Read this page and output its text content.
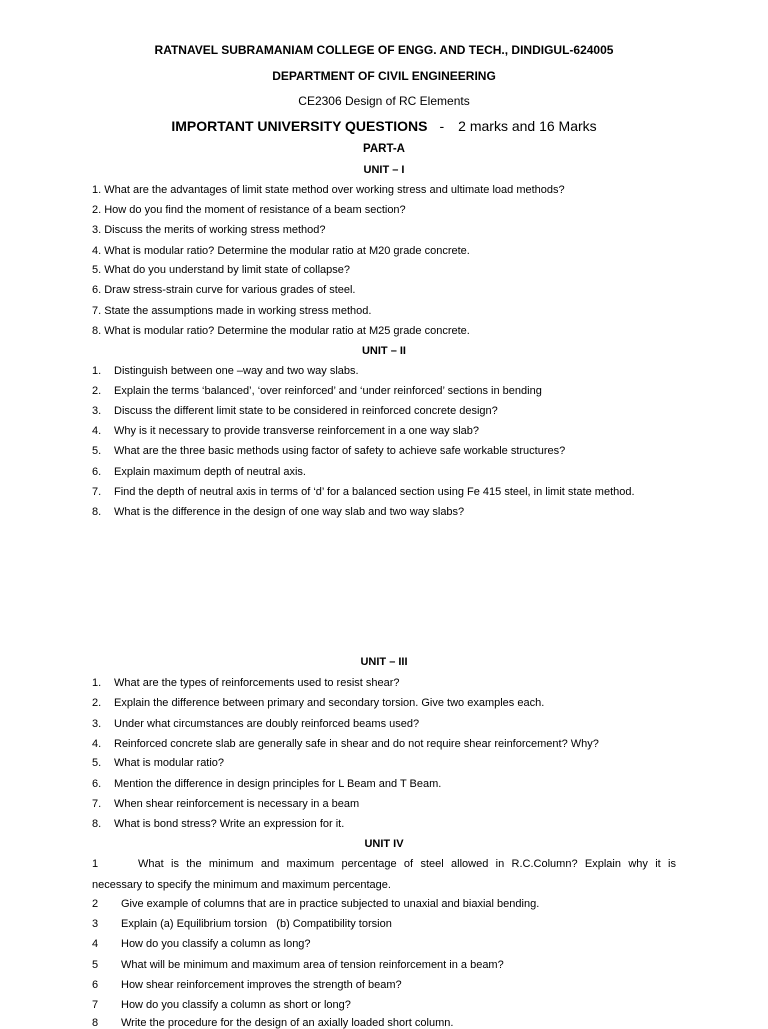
RATNAVEL SUBRAMANIAM COLLEGE OF ENGG. AND TECH., DINDIGUL-624005
DEPARTMENT OF CIVIL ENGINEERING
CE2306 Design of RC Elements
IMPORTANT UNIVERSITY QUESTIONS - 2 marks and 16 Marks
PART-A
UNIT – I
1. What are the advantages of limit state method over working stress and ultimate load methods?
2. How do you find the moment of resistance of a beam section?
3. Discuss the merits of working stress method?
4. What is modular ratio? Determine the modular ratio at M20 grade concrete.
5. What do you understand by limit state of collapse?
6. Draw stress-strain curve for various grades of steel.
7. State the assumptions made in working stress method.
8. What is modular ratio? Determine the modular ratio at M25 grade concrete.
UNIT – II
1. Distinguish between one –way and two way slabs.
2. Explain the terms ‘balanced’, ‘over reinforced’ and ‘under reinforced’ sections in bending
3. Discuss the different limit state to be considered in reinforced concrete design?
4. Why is it necessary to provide transverse reinforcement in a one way slab?
5. What are the three basic methods using factor of safety to achieve safe workable structures?
6. Explain maximum depth of neutral axis.
7. Find the depth of neutral axis in terms of ‘d’ for a balanced section using Fe 415 steel, in limit state method.
8. What is the difference in the design of one way slab and two way slabs?
UNIT – III
1. What are the types of reinforcements used to resist shear?
2. Explain the difference between primary and secondary torsion. Give two examples each.
3. Under what circumstances are doubly reinforced beams used?
4. Reinforced concrete slab are generally safe in shear and do not require shear reinforcement? Why?
5. What is modular ratio?
6. Mention the difference in design principles for L Beam and T Beam.
7. When shear reinforcement is necessary in a beam
8. What is bond stress? Write an expression for it.
UNIT IV
1	What is the minimum and maximum percentage of steel allowed in R.C.Column? Explain why it is
necessary to specify the minimum and maximum percentage.
2 Give example of columns that are in practice subjected to unaxial and biaxial bending.
3 Explain (a) Equilibrium torsion   (b) Compatibility torsion
4 How do you classify a column as long?
5 What will be minimum and maximum area of tension reinforcement in a beam?
6 How shear reinforcement improves the strength of beam?
7 How do you classify a column as short or long?
8 Write the procedure for the design of an axially loaded short column.
